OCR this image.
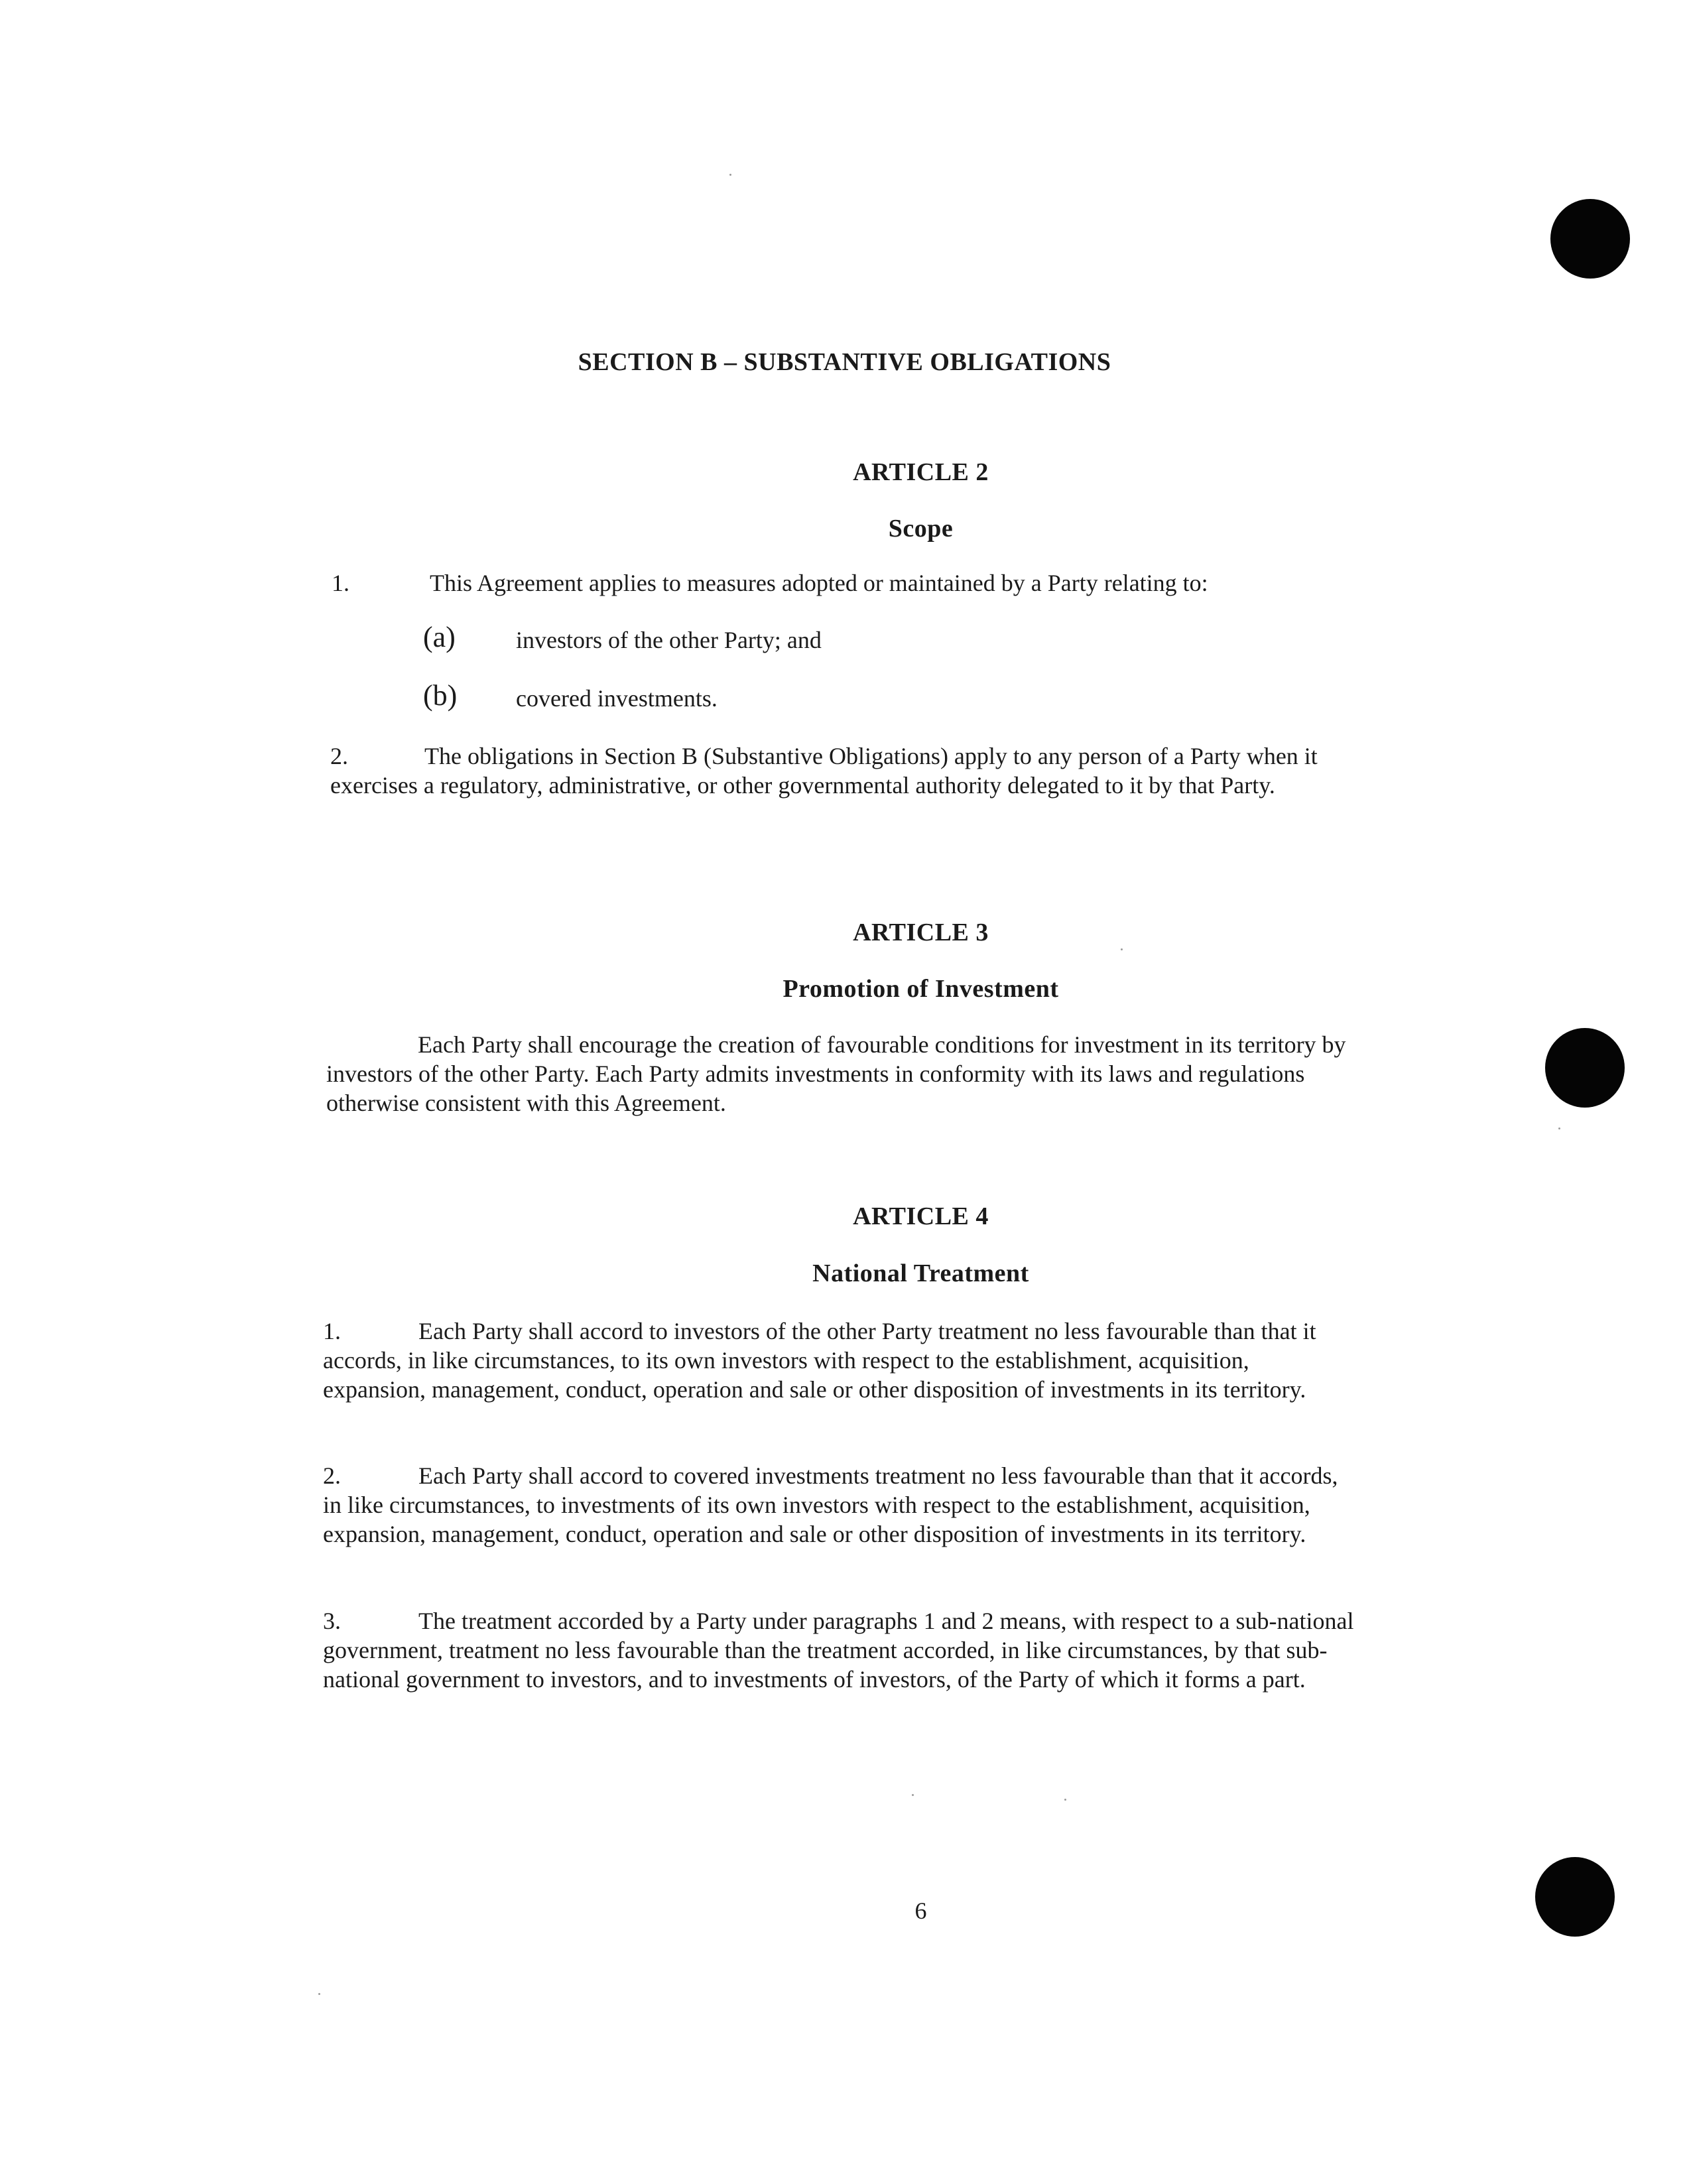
SECTION B – SUBSTANTIVE OBLIGATIONS
ARTICLE 2
Scope
1.	This Agreement applies to measures adopted or maintained by a Party relating to:
(a)	investors of the other Party; and
(b) covered investments.
2.	The obligations in Section B (Substantive Obligations) apply to any person of a Party when it exercises a regulatory, administrative, or other governmental authority delegated to it by that Party.
ARTICLE 3
Promotion of Investment
Each Party shall encourage the creation of favourable conditions for investment in its territory by investors of the other Party. Each Party admits investments in conformity with its laws and regulations otherwise consistent with this Agreement.
ARTICLE 4
National Treatment
1.	Each Party shall accord to investors of the other Party treatment no less favourable than that it accords, in like circumstances, to its own investors with respect to the establishment, acquisition, expansion, management, conduct, operation and sale or other disposition of investments in its territory.
2.	Each Party shall accord to covered investments treatment no less favourable than that it accords, in like circumstances, to investments of its own investors with respect to the establishment, acquisition, expansion, management, conduct, operation and sale or other disposition of investments in its territory.
3.	The treatment accorded by a Party under paragraphs 1 and 2 means, with respect to a sub-national government, treatment no less favourable than the treatment accorded, in like circumstances, by that sub-national government to investors, and to investments of investors, of the Party of which it forms a part.
6
